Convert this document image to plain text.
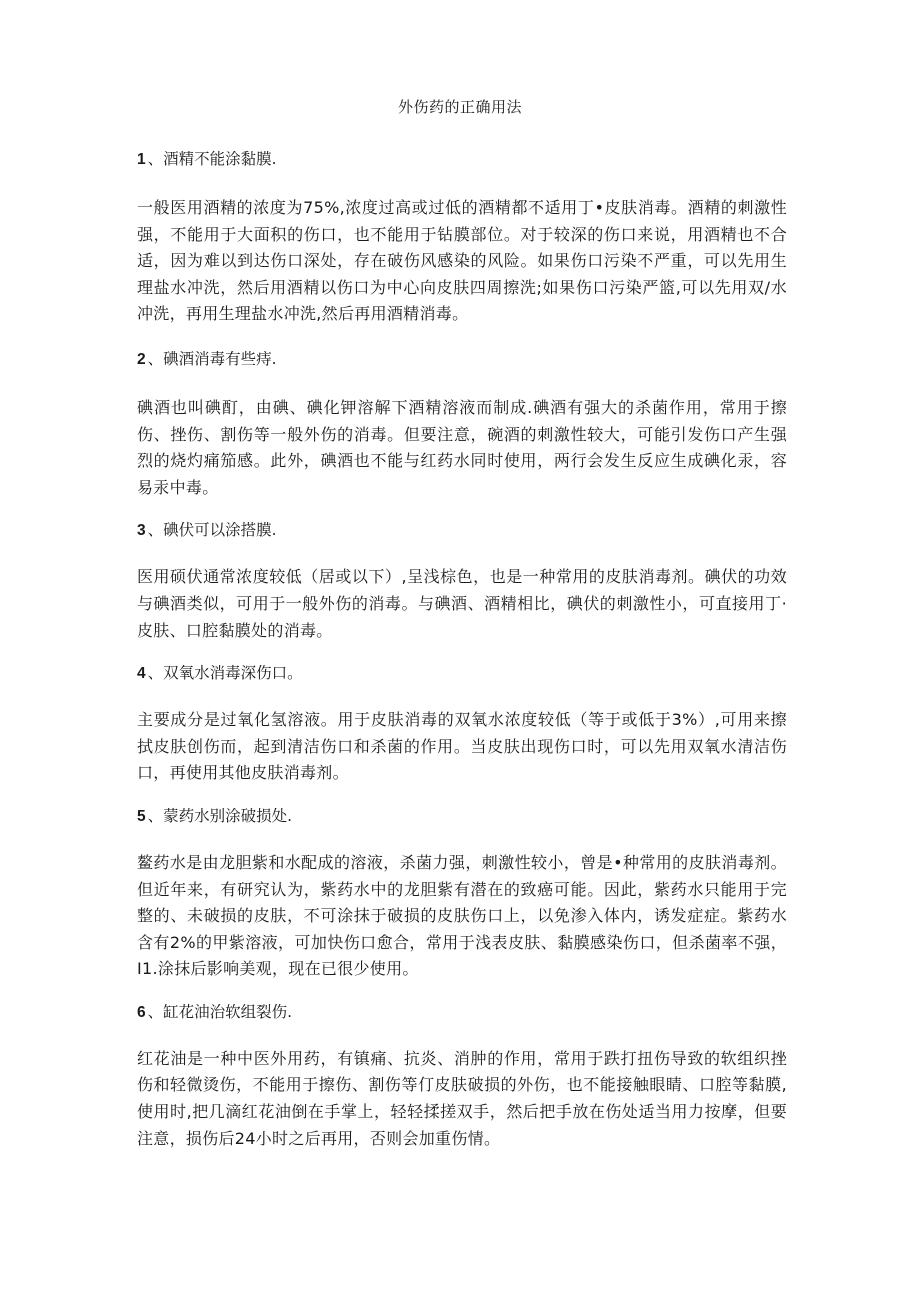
外伤药的正确用法

1 、酒精不能涂黏膜.

一般医用酒精的浓度为75%,浓度过高或过低的酒精都不适用丁•皮肤消毒。酒精的刺激性强，不能用于大面积的伤口，也不能用于钻膜部位。对于较深的伤口来说，用酒精也不合适，因为难以到达伤口深处，存在破伤风感染的风险。如果伤口污染不严重，可以先用生理盐水冲洗，然后用酒精以伤口为中心向皮肤四周擦洗;如果伤口污染严篮,可以先用双/水冲洗，再用生理盐水冲洗,然后再用酒精消毒。

2 、碘酒消毒有些痔.

碘酒也叫碘酊，由碘、碘化钾溶解下酒精溶液而制成.碘酒有强大的杀菌作用，常用于擦伤、挫伤、割伤等一般外伤的消毒。但要注意，碗酒的刺激性较大，可能引发伤口产生强烈的烧灼痛笳感。此外，碘酒也不能与红药水同时使用，两行会发生反应生成碘化汞，容易汞中毒。

3 、碘伏可以涂搭膜.

医用硕伏通常浓度较低（居或以下）,呈浅棕色，也是一种常用的皮肤消毒剂。碘伏的功效与碘酒类似，可用于一般外伤的消毒。与碘酒、酒精相比，碘伏的刺激性小，可直接用丁·皮肤、口腔黏膜处的消毒。

4 、双氧水消毒深伤口。

主要成分是过氧化氢溶液。用于皮肤消毒的双氧水浓度较低（等于或低于3%）,可用来擦拭皮肤创伤而，起到清洁伤口和杀菌的作用。当皮肤出现伤口时，可以先用双氧水清洁伤口，再使用其他皮肤消毒剂。

5 、蒙药水别涂破损处.

鳌药水是由龙胆紫和水配成的溶液，杀菌力强，刺激性较小，曾是•种常用的皮肤消毒剂。但近年来，有研究认为，紫药水中的龙胆紫有潜在的致癌可能。因此，紫药水只能用于完整的、未破损的皮肤，不可涂抹于破损的皮肤伤口上，以免渗入体内，诱发症症。紫药水含有2%的甲紫溶液，可加快伤口愈合，常用于浅表皮肤、黏膜感染伤口，但杀菌率不强，I1.涂抹后影响美观，现在已很少使用。

6 、缸花油治软组裂伤.

红花油是一种中医外用药，有镇痛、抗炎、消肿的作用，常用于跌打扭伤导致的软组织挫伤和轻微烫伤，不能用于擦伤、割伤等仃皮肤破损的外伤，也不能接触眼睛、口腔等黏膜,使用时,把几滴红花油倒在手掌上，轻轻揉搓双手，然后把手放在伤处适当用力按摩，但要注意，损伤后24小时之后再用，否则会加重伤情。
